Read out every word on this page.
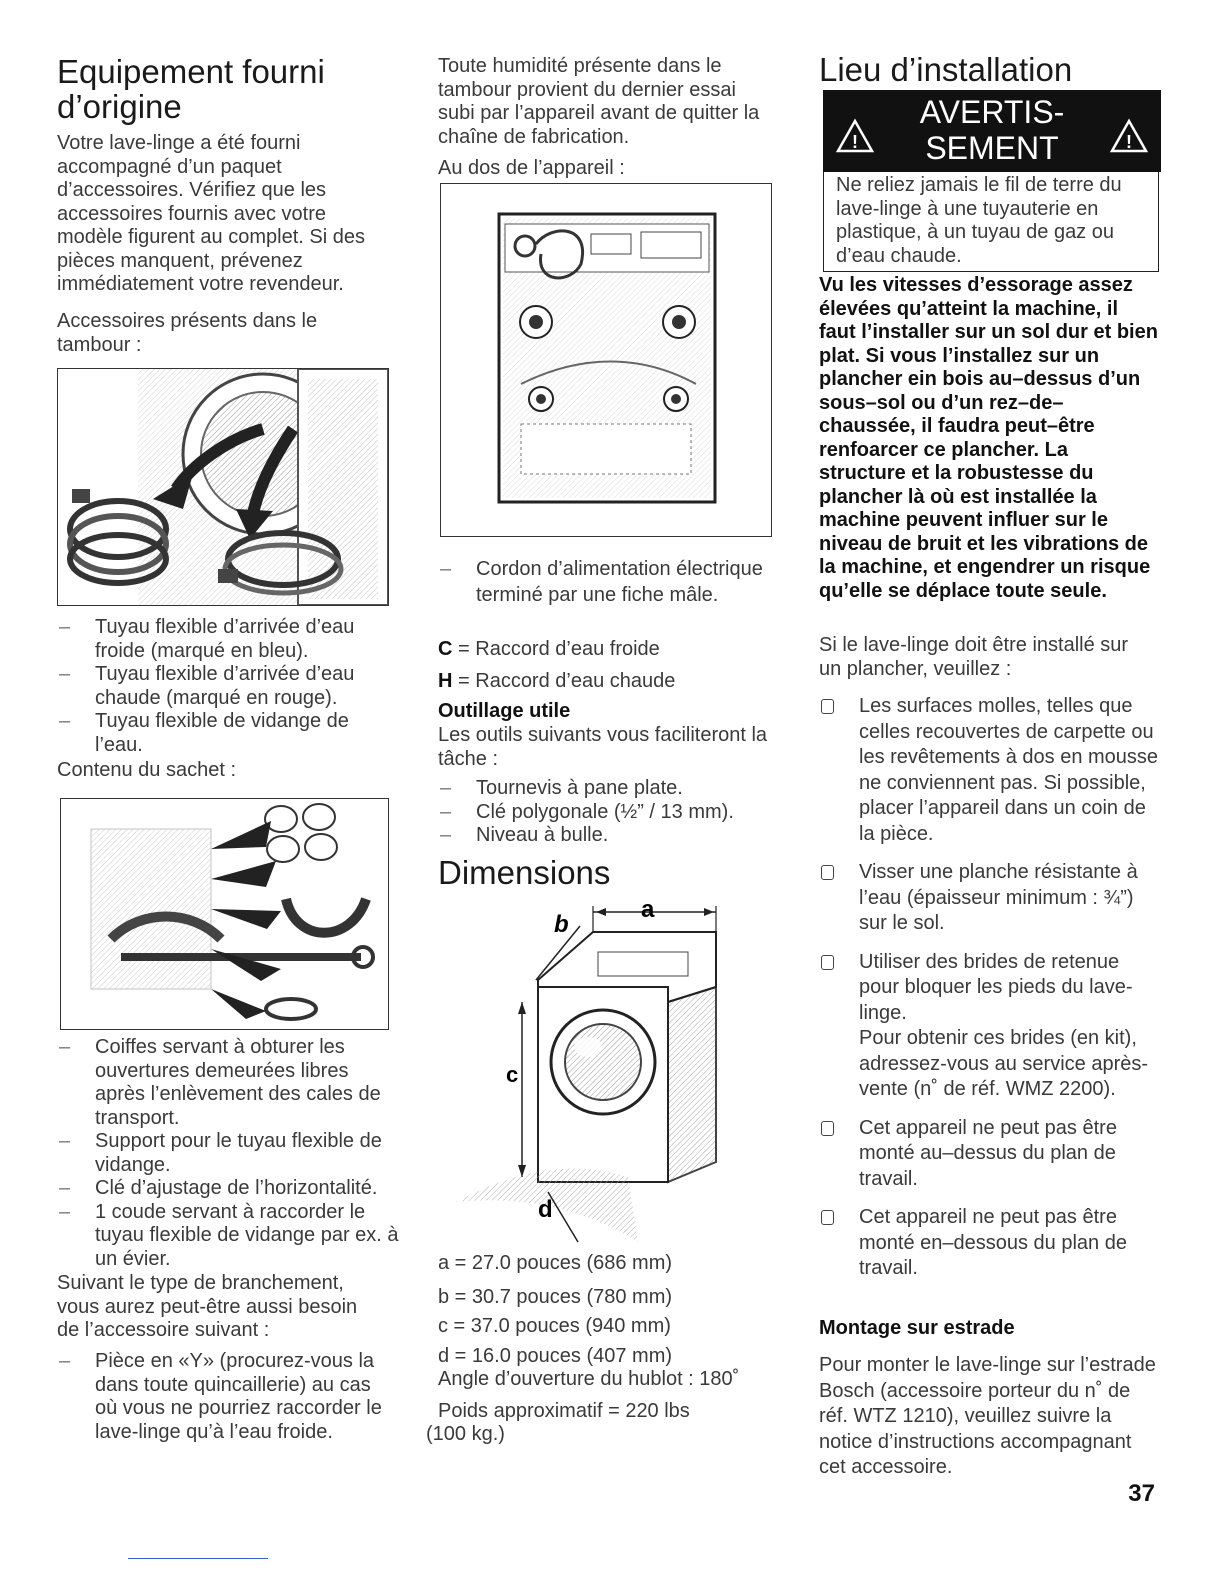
Equipement fourni
d’origine

Votre lave-linge a été fourni accompagné d’un paquet d’accessoires. Vérifiez que les accessoires fournis avec votre modèle figurent au complet. Si des pièces manquent, prévenez immédiatement votre revendeur.

Accessoires présents dans le tambour :

– Tuyau flexible d’arrivée d’eau froide (marqué en bleu).
– Tuyau flexible d’arrivée d’eau chaude (marqué en rouge).
– Tuyau flexible de vidange de l’eau.

Contenu du sachet :

– Coiffes servant à obturer les ouvertures demeurées libres après l’enlèvement des cales de transport.
– Support pour le tuyau flexible de vidange.
– Clé d’ajustage de l’horizontalité.
– 1 coude servant à raccorder le tuyau flexible de vidange par ex. à un évier.

Suivant le type de branchement, vous aurez peut-être aussi besoin de l’accessoire suivant :

– Pièce en «Y» (procurez-vous la dans toute quincaillerie) au cas où vous ne pourriez raccorder le lave-linge qu’à l’eau froide.

Toute humidité présente dans le tambour provient du dernier essai subi par l’appareil avant de quitter la chaîne de fabrication.

Au dos de l’appareil :

– Cordon d’alimentation électrique terminé par une fiche mâle.

C = Raccord d’eau froide

H = Raccord d’eau chaude

Outillage utile

Les outils suivants vous faciliteront la tâche :

– Tournevis à pane plate.
– Clé polygonale (½” / 13 mm).
– Niveau à bulle.
Dimensions
a
b
c
d

a = 27.0 pouces (686 mm)

b = 30.7 pouces (780 mm)

c = 37.0 pouces (940 mm)

d = 16.0 pouces (407 mm)

Angle d’ouverture du hublot : 180˚

Poids approximatif = 220 lbs

(100 kg.)

Lieu d’installation
!
AVERTIS-
SEMENT	!

Ne reliez jamais le fil de terre du lave-linge à une tuyauterie en plastique, à un tuyau de gaz ou d’eau chaude.

Vu les vitesses d’essorage assez élevées qu’atteint la machine, il faut l’installer sur un sol dur et bien plat. Si vous l’installez sur un plancher ein bois au–dessus d’un sous–sol ou d’un rez–de–chaussée, il faudra peut–être renfoarcer ce plancher. La structure et la robustesse du plancher là où est installée la machine peuvent influer sur le niveau de bruit et les vibrations de la machine, et engendrer un risque qu’elle se déplace toute seule.

Si le lave-linge doit être installé sur un plancher, veuillez :

Les surfaces molles, telles que celles recouvertes de carpette ou les revêtements à dos en mousse ne conviennent pas. Si possible, placer l’appareil dans un coin de la pièce.
Visser une planche résistante à l’eau (épaisseur minimum : ¾”) sur le sol.
Utiliser des brides de retenue pour bloquer les pieds du lave-linge.
Pour obtenir ces brides (en kit), adressez-vous au service après-vente (n˚ de réf. WMZ 2200).
Cet appareil ne peut pas être monté au–dessus du plan de travail.
Cet appareil ne peut pas être monté en–dessous du plan de travail.

Montage sur estrade

Pour monter le lave-linge sur l’estrade Bosch (accessoire porteur du n˚ de réf. WTZ 1210), veuillez suivre la notice d’instructions accompagnant cet accessoire.

37
